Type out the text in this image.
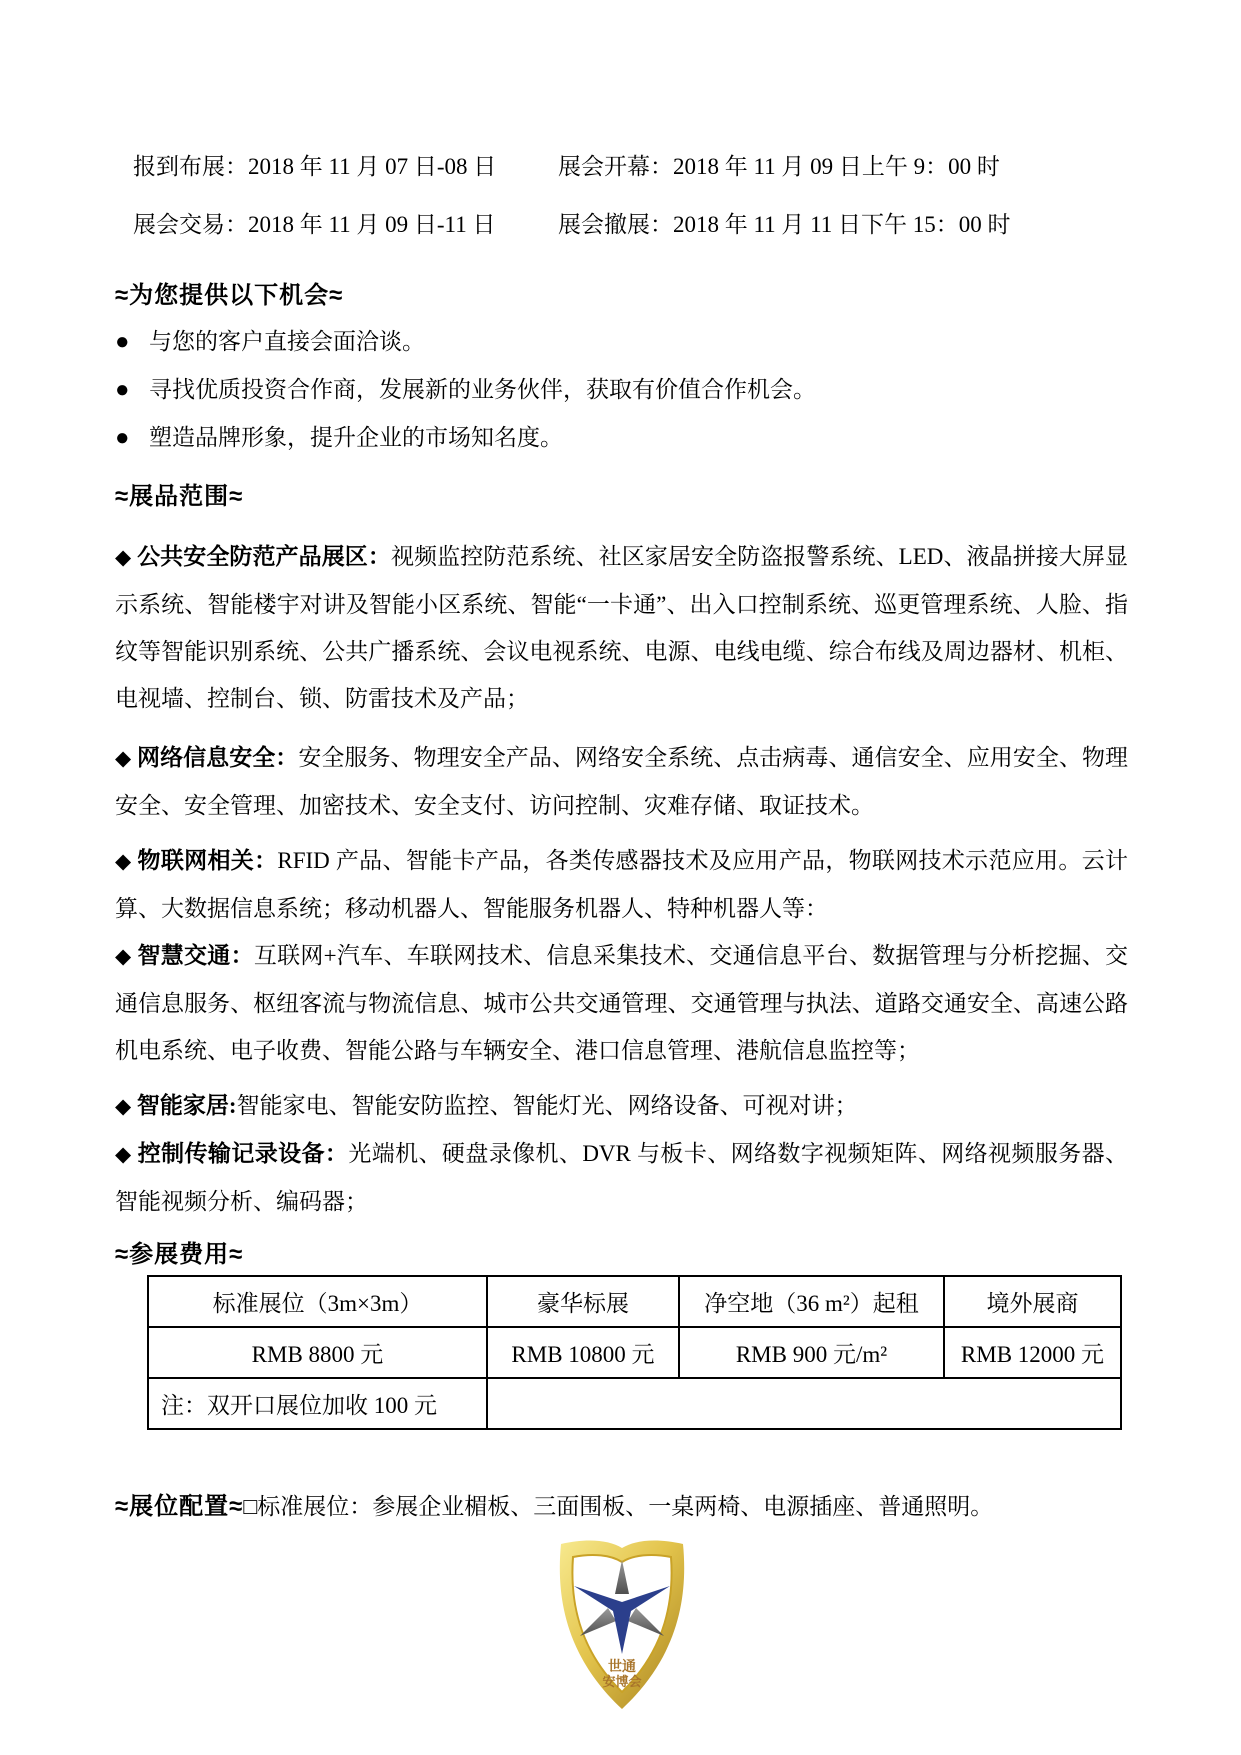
报到布展：2018 年 11 月 07 日-08 日	展会开幕：2018 年 11 月 09 日上午 9：00 时
展会交易：2018 年 11 月 09 日-11 日	展会撤展：2018 年 11 月 11 日下午 15：00 时
≈为您提供以下机会≈
● 与您的客户直接会面洽谈。
● 寻找优质投资合作商，发展新的业务伙伴，获取有价值合作机会。
● 塑造品牌形象，提升企业的市场知名度。
≈展品范围≈

◆ 公共安全防范产品展区：视频监控防范系统、社区家居安全防盗报警系统、LED、液晶拼接大屏显示系统、智能楼宇对讲及智能小区系统、智能“一卡通”、出入口控制系统、巡更管理系统、人脸、指纹等智能识别系统、公共广播系统、会议电视系统、电源、电线电缆、综合布线及周边器材、机柜、电视墙、控制台、锁、防雷技术及产品；

◆ 网络信息安全：安全服务、物理安全产品、网络安全系统、点击病毒、通信安全、应用安全、物理安全、安全管理、加密技术、安全支付、访问控制、灾难存储、取证技术。

◆ 物联网相关：RFID 产品、智能卡产品，各类传感器技术及应用产品，物联网技术示范应用。云计算、大数据信息系统；移动机器人、智能服务机器人、特种机器人等：

◆ 智慧交通：互联网+汽车、车联网技术、信息采集技术、交通信息平台、数据管理与分析挖掘、交通信息服务、枢纽客流与物流信息、城市公共交通管理、交通管理与执法、道路交通安全、高速公路机电系统、电子收费、智能公路与车辆安全、港口信息管理、港航信息监控等；

◆ 智能家居:智能家电、智能安防监控、智能灯光、网络设备、可视对讲；

◆ 控制传输记录设备：光端机、硬盘录像机、DVR 与板卡、网络数字视频矩阵、网络视频服务器、智能视频分析、编码器；

≈参展费用≈
标准展位（3m×3m）	豪华标展	净空地（36 m²）起租	境外展商
RMB 8800 元	RMB 10800 元	RMB 900 元/m²	RMB 12000 元
注：双开口展位加收 100 元			
≈展位配置≈□标准展位：参展企业楣板、三面围板、一桌两椅、电源插座、普通照明。
世通
安博会
